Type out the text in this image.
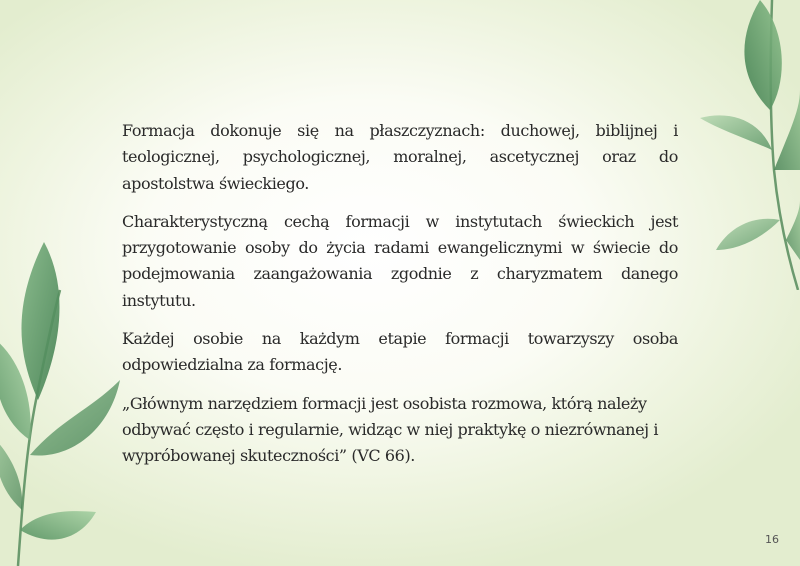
Formacja dokonuje się na płaszczyznach: duchowej, biblijnej i teologicznej, psychologicznej, moralnej, ascetycznej oraz do apostolstwa świeckiego.

Charakterystyczną cechą formacji w instytutach świeckich jest przygotowanie osoby do życia radami ewangelicznymi w świecie do podejmowania zaangażowania zgodnie z charyzmatem danego instytutu.

Każdej osobie na każdym etapie formacji towarzyszy osoba odpowiedzialna za formację.

„Głównym narzędziem formacji jest osobista rozmowa, którą należy odbywać często i regularnie, widząc w niej praktykę o niezrównanej i wypróbowanej skuteczności” (VC 66).

16
